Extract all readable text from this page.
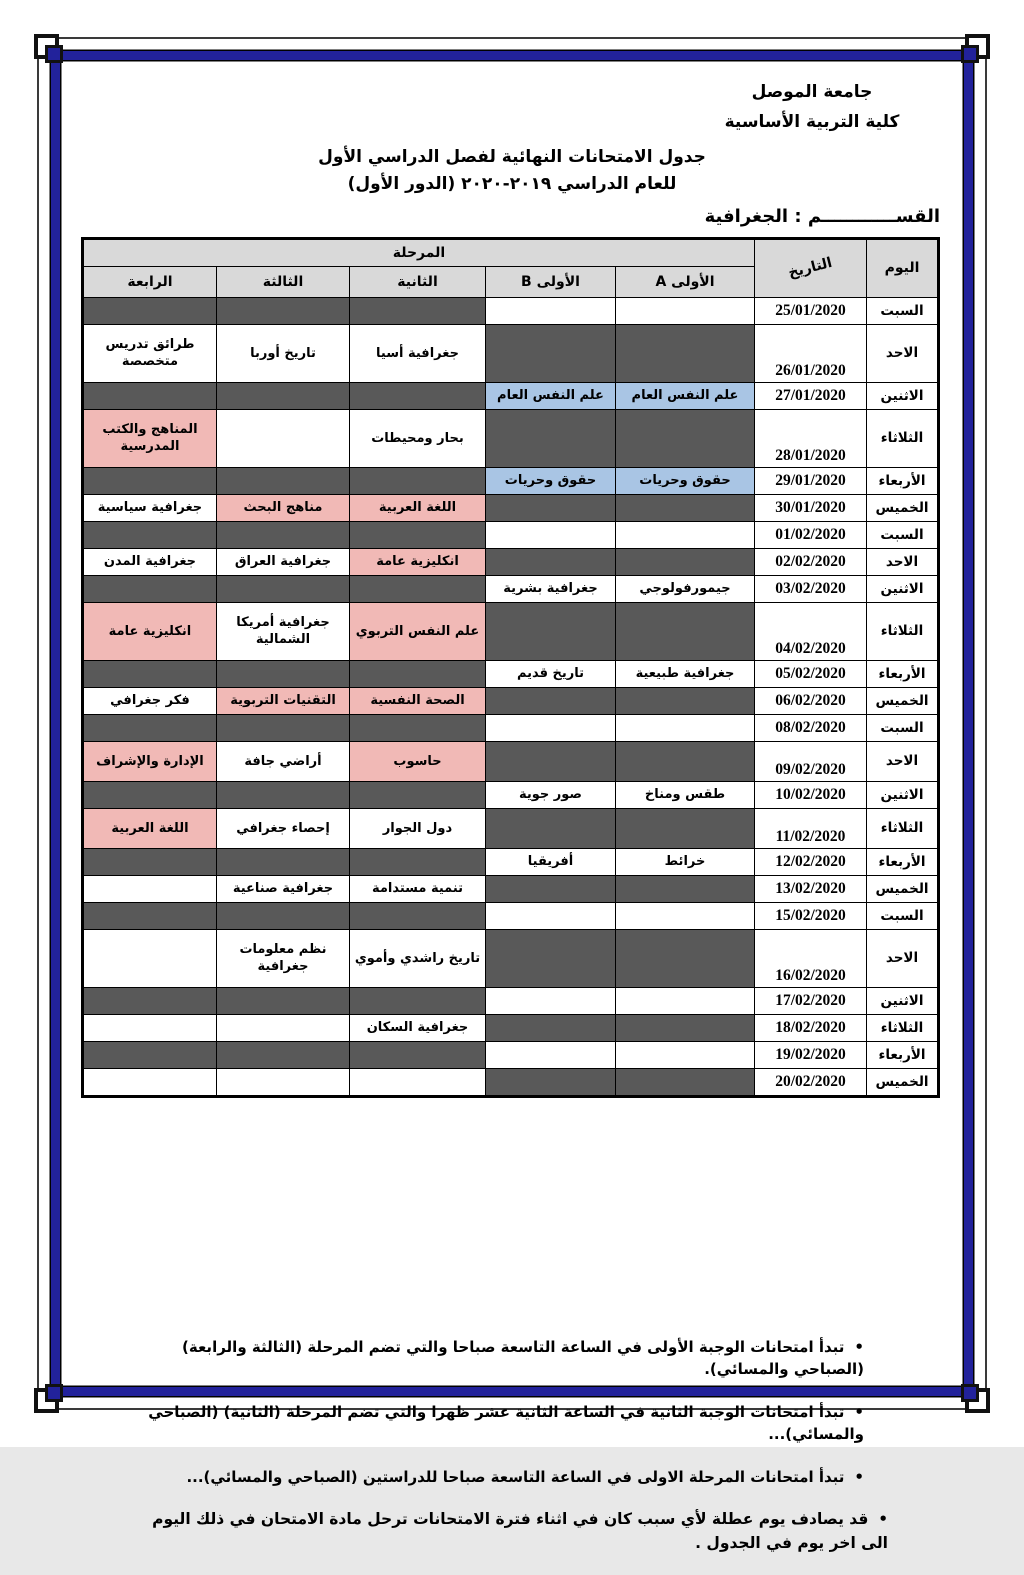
جامعة الموصل
كلية التربية الأساسية
جدول الامتحانات النهائية لفصل الدراسي الأول
للعام الدراسي ‪٢٠١٩-٢٠٢٠‬ (الدور الأول)
القســــــــــــم : الجغرافية
اليوم	التاريخ	المرحلة				
		الأولى A	الأولى B	الثانية	الثالثة	الرابعة
السبت	25/01/2020					
الاحد	26/01/2020			جغرافية أسيا	تاريخ أوربا	طرائق تدريس متخصصة
الاثنين	27/01/2020	علم النفس العام	علم النفس العام			
الثلاثاء	28/01/2020			بحار ومحيطات		المناهج والكتب المدرسية
الأربعاء	29/01/2020	حقوق وحريات	حقوق وحريات			
الخميس	30/01/2020			اللغة العربية	مناهج البحث	جغرافية سياسية
السبت	01/02/2020					
الاحد	02/02/2020			انكليزية عامة	جغرافية العراق	جغرافية المدن
الاثنين	03/02/2020	جيمورفولوجي	جغرافية بشرية			
الثلاثاء	04/02/2020			علم النفس التربوي	جغرافية أمريكا الشمالية	انكليزية عامة
الأربعاء	05/02/2020	جغرافية طبيعية	تاريخ قديم			
الخميس	06/02/2020			الصحة النفسية	التقنيات التربوية	فكر جغرافي
السبت	08/02/2020					
الاحد	09/02/2020			حاسوب	أراضي جافة	الإدارة والإشراف
الاثنين	10/02/2020	طقس ومناخ	صور جوية			
الثلاثاء	11/02/2020			دول الجوار	إحصاء جغرافي	اللغة العربية
الأربعاء	12/02/2020	خرائط	أفريقيا			
الخميس	13/02/2020			تنمية مستدامة	جغرافية صناعية	
السبت	15/02/2020					
الاحد	16/02/2020			تاريخ راشدي وأموي	نظم معلومات جغرافية	
الاثنين	17/02/2020					
الثلاثاء	18/02/2020			جغرافية السكان		
الأربعاء	19/02/2020					
الخميس	20/02/2020					
•تبدأ امتحانات الوجبة الأولى في الساعة التاسعة صباحا والتي تضم المرحلة (الثالثة والرابعة) (الصباحي والمسائي).
•تبدأ امتحانات الوجبة الثانية في الساعة الثانية عشر ظهرا والتي تضم المرحلة (الثانية) (الصباحي والمسائي)...
•تبدأ امتحانات المرحلة الاولى في الساعة التاسعة صباحا للدراستين (الصباحي والمسائي)...
•قد يصادف يوم عطلة لأي سبب كان في اثناء فترة الامتحانات ترحل مادة الامتحان في ذلك اليوم الى اخر يوم في الجدول .
